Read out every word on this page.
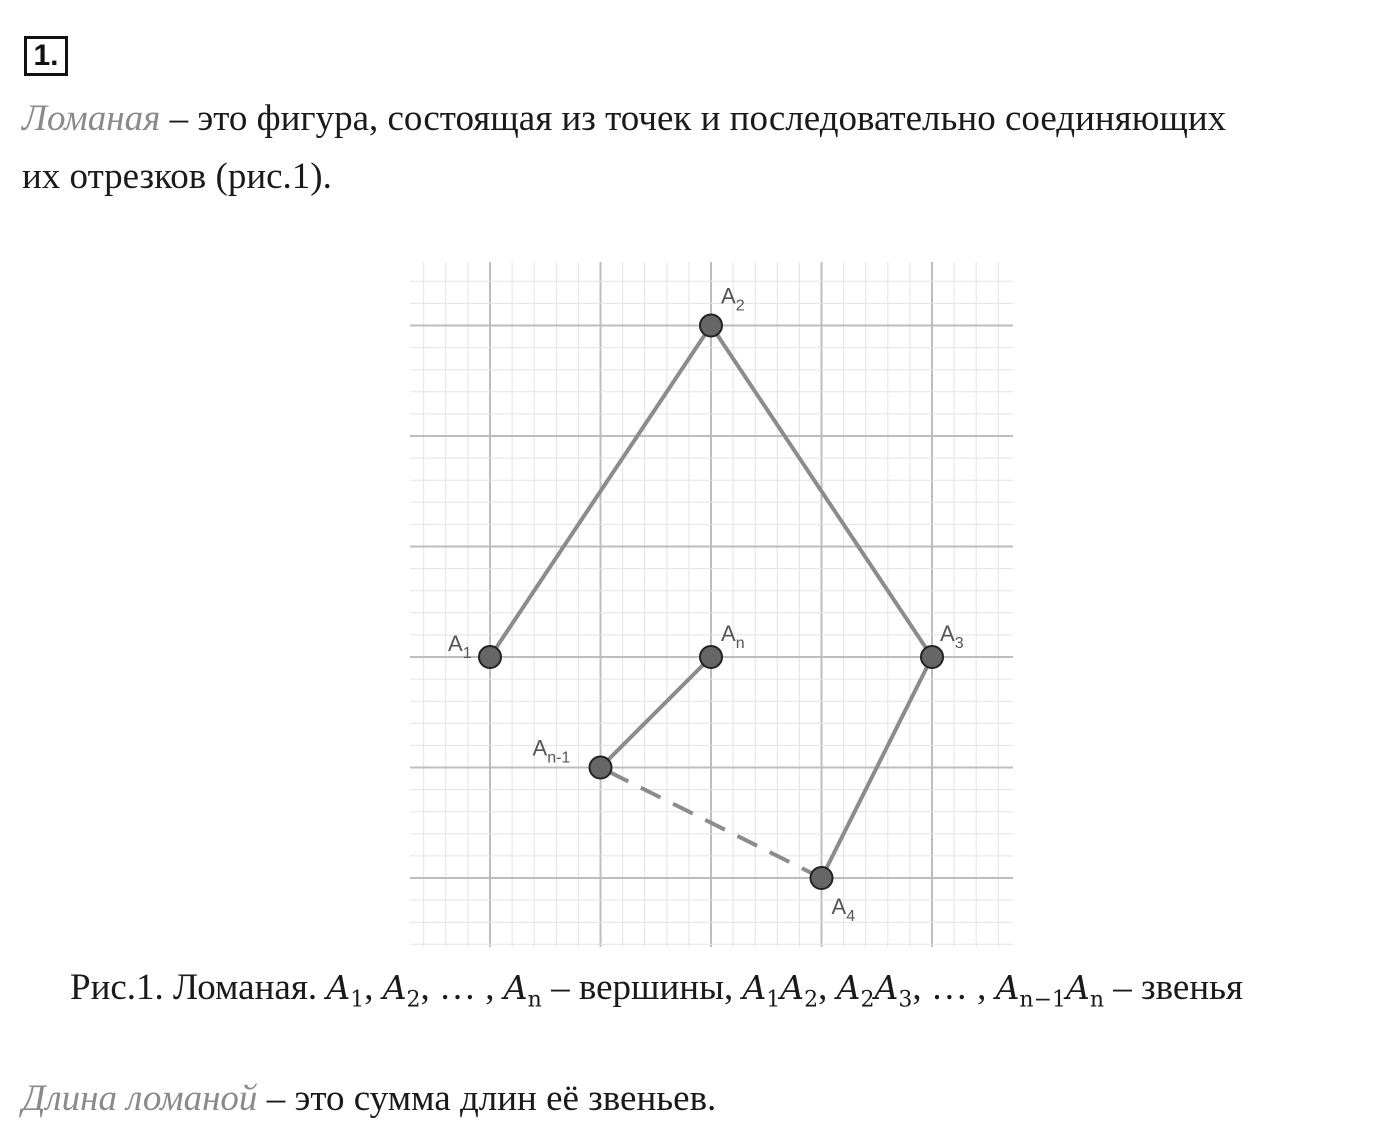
1.

Ломаная – это фигура, состоящая из точек и последовательно соединяющих

их отрезков (рис.1).

$A_1$
$A_2$
$A_3$
$A_4$
$A_{n-1}$
$A_n$

Рис.1. Ломаная. $A_1$, $A_2$, … , $A_n$ – вершины, $A_1A_2$, $A_2A_3$, … , $A_{n-1}A_n$ – звенья

Длина ломаной – это сумма длин её звеньев.
